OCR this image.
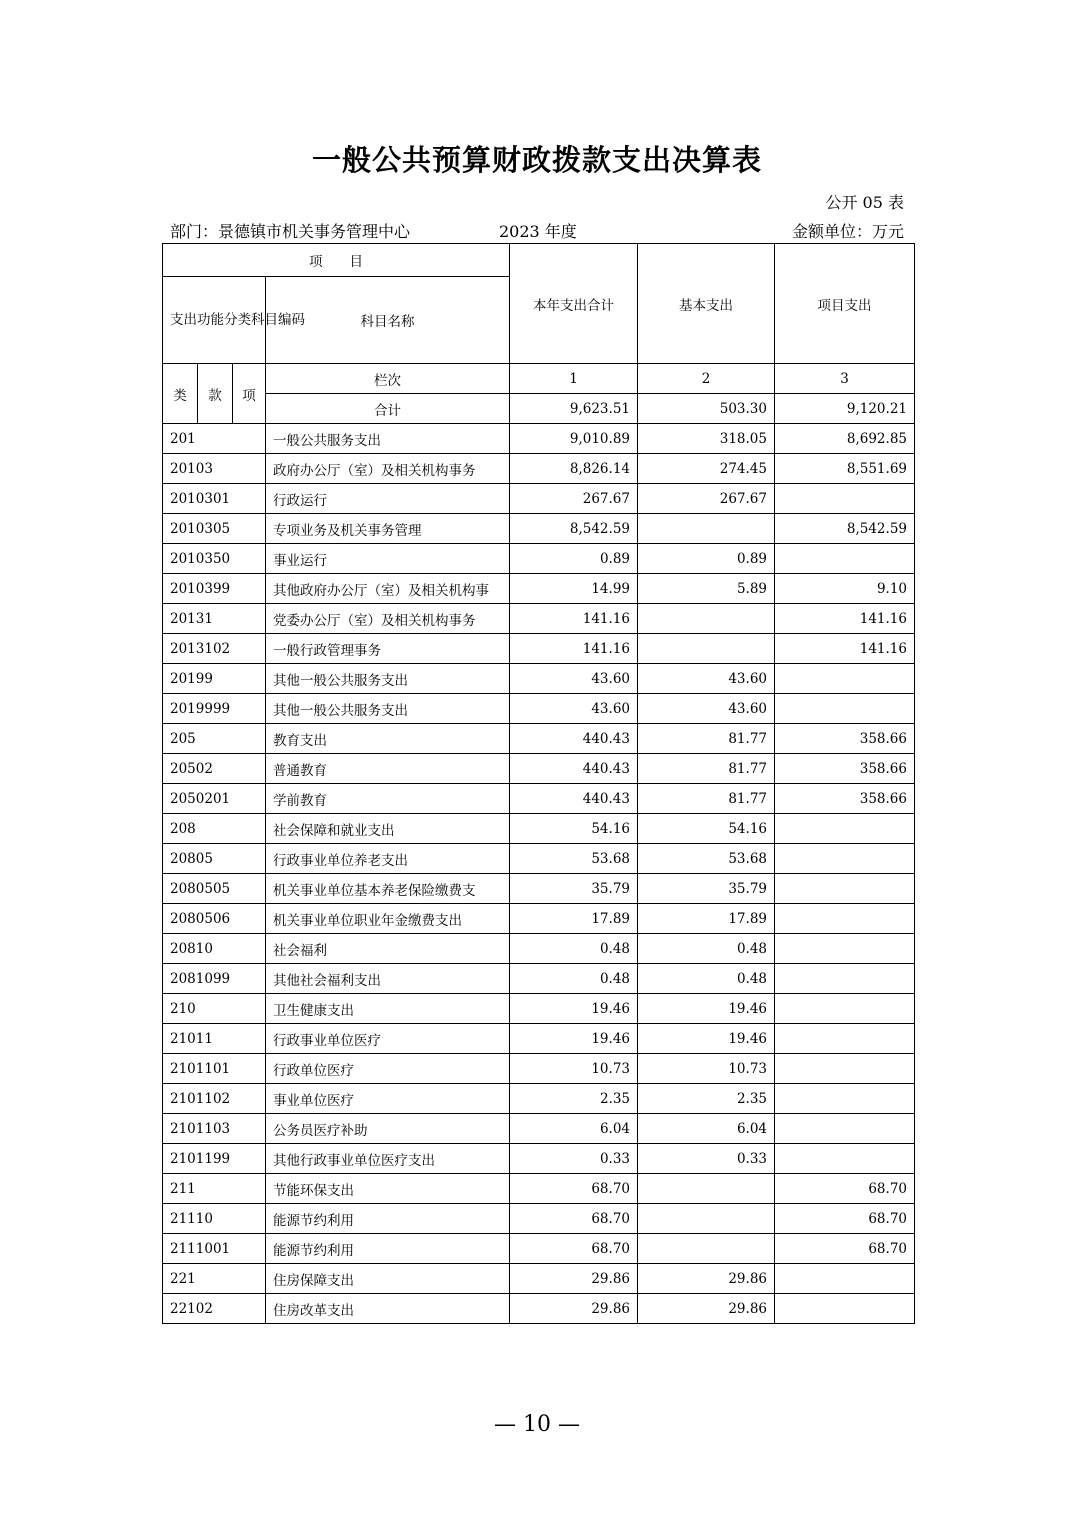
一般公共预算财政拨款支出决算表
公开 05 表
部门：景德镇市机关事务管理中心	2023 年度	金额单位：万元
项　　目				本年支出合计	基本支出	项目支出
支出功能分类科目编码			科目名称			
类	款	项	栏次	1	2	3
			合计	9,623.51	503.30	9,120.21
201			一般公共服务支出	9,010.89	318.05	8,692.85
20103			政府办公厅（室）及相关机构事务	8,826.14	274.45	8,551.69
2010301			行政运行	267.67	267.67	
2010305			专项业务及机关事务管理	8,542.59		8,542.59
2010350			事业运行	0.89	0.89	
2010399			其他政府办公厅（室）及相关机构事	14.99	5.89	9.10
20131			党委办公厅（室）及相关机构事务	141.16		141.16
2013102			一般行政管理事务	141.16		141.16
20199			其他一般公共服务支出	43.60	43.60	
2019999			其他一般公共服务支出	43.60	43.60	
205			教育支出	440.43	81.77	358.66
20502			普通教育	440.43	81.77	358.66
2050201			学前教育	440.43	81.77	358.66
208			社会保障和就业支出	54.16	54.16	
20805			行政事业单位养老支出	53.68	53.68	
2080505			机关事业单位基本养老保险缴费支	35.79	35.79	
2080506			机关事业单位职业年金缴费支出	17.89	17.89	
20810			社会福利	0.48	0.48	
2081099			其他社会福利支出	0.48	0.48	
210			卫生健康支出	19.46	19.46	
21011			行政事业单位医疗	19.46	19.46	
2101101			行政单位医疗	10.73	10.73	
2101102			事业单位医疗	2.35	2.35	
2101103			公务员医疗补助	6.04	6.04	
2101199			其他行政事业单位医疗支出	0.33	0.33	
211			节能环保支出	68.70		68.70
21110			能源节约利用	68.70		68.70
2111001			能源节约利用	68.70		68.70
221			住房保障支出	29.86	29.86	
22102			住房改革支出	29.86	29.86	
— 10 —
